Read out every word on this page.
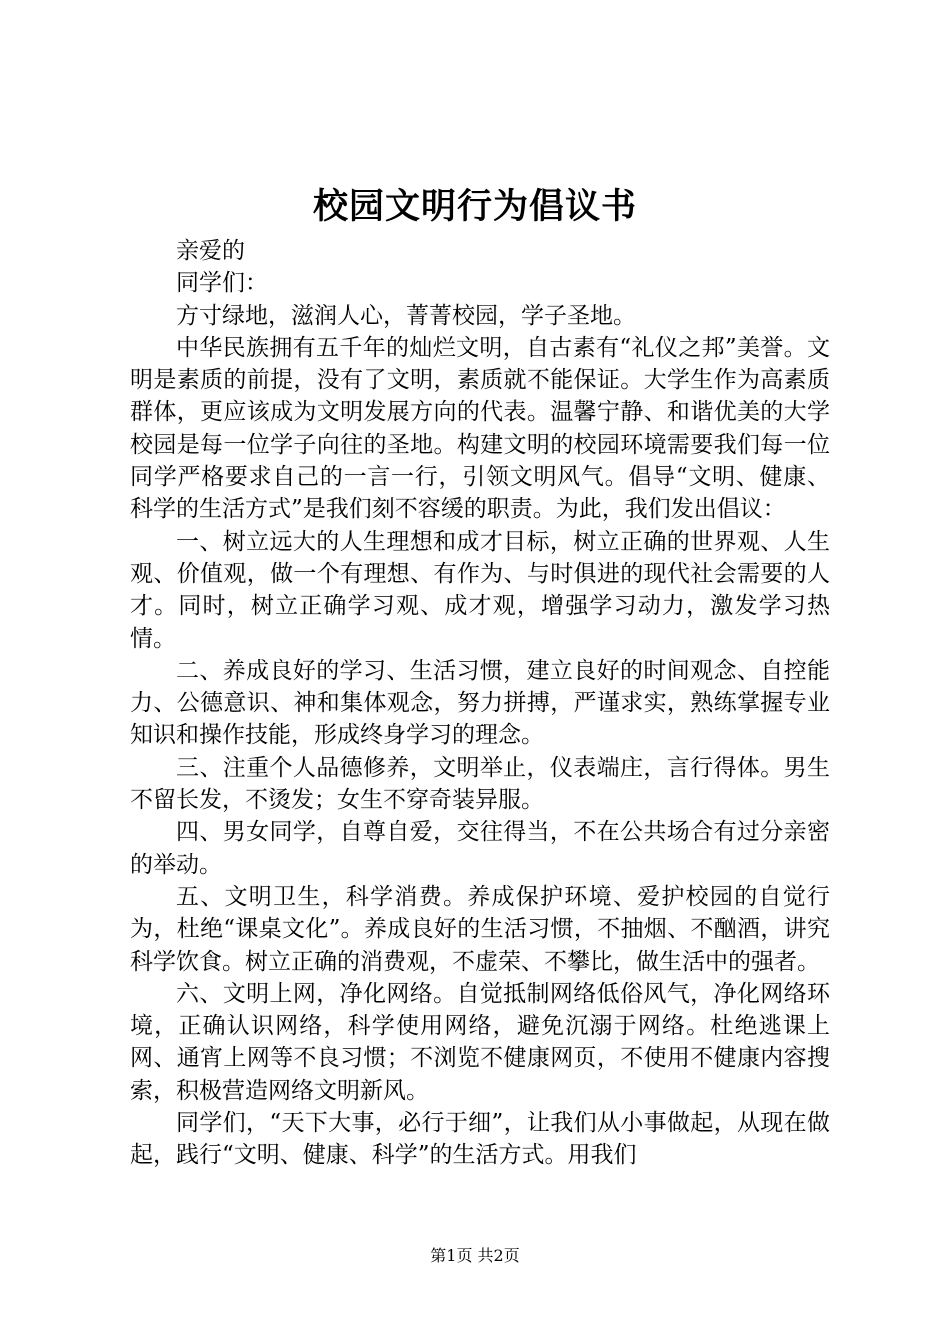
校园文明行为倡议书

亲爱的

同学们：

方寸绿地，滋润人心，菁菁校园，学子圣地。

中华民族拥有五千年的灿烂文明，自古素有“礼仪之邦”美誉。文明是素质的前提，没有了文明，素质就不能保证。大学生作为高素质群体，更应该成为文明发展方向的代表。温馨宁静、和谐优美的大学校园是每一位学子向往的圣地。构建文明的校园环境需要我们每一位同学严格要求自己的一言一行，引领文明风气。倡导“文明、健康、科学的生活方式”是我们刻不容缓的职责。为此，我们发出倡议：

一、树立远大的人生理想和成才目标，树立正确的世界观、人生观、价值观，做一个有理想、有作为、与时俱进的现代社会需要的人才。同时，树立正确学习观、成才观，增强学习动力，激发学习热情。

二、养成良好的学习、生活习惯，建立良好的时间观念、自控能力、公德意识、神和集体观念，努力拼搏，严谨求实，熟练掌握专业知识和操作技能，形成终身学习的理念。

三、注重个人品德修养，文明举止，仪表端庄，言行得体。男生不留长发，不烫发；女生不穿奇装异服。

四、男女同学，自尊自爱，交往得当，不在公共场合有过分亲密的举动。

五、文明卫生，科学消费。养成保护环境、爱护校园的自觉行为，杜绝“课桌文化”。养成良好的生活习惯，不抽烟、不酗酒，讲究科学饮食。树立正确的消费观，不虚荣、不攀比，做生活中的强者。

六、文明上网，净化网络。自觉抵制网络低俗风气，净化网络环境，正确认识网络，科学使用网络，避免沉溺于网络。杜绝逃课上网、通宵上网等不良习惯；不浏览不健康网页，不使用不健康内容搜索，积极营造网络文明新风。

同学们，“天下大事，必行于细”，让我们从小事做起，从现在做起，践行“文明、健康、科学”的生活方式。用我们

第1页 共2页
